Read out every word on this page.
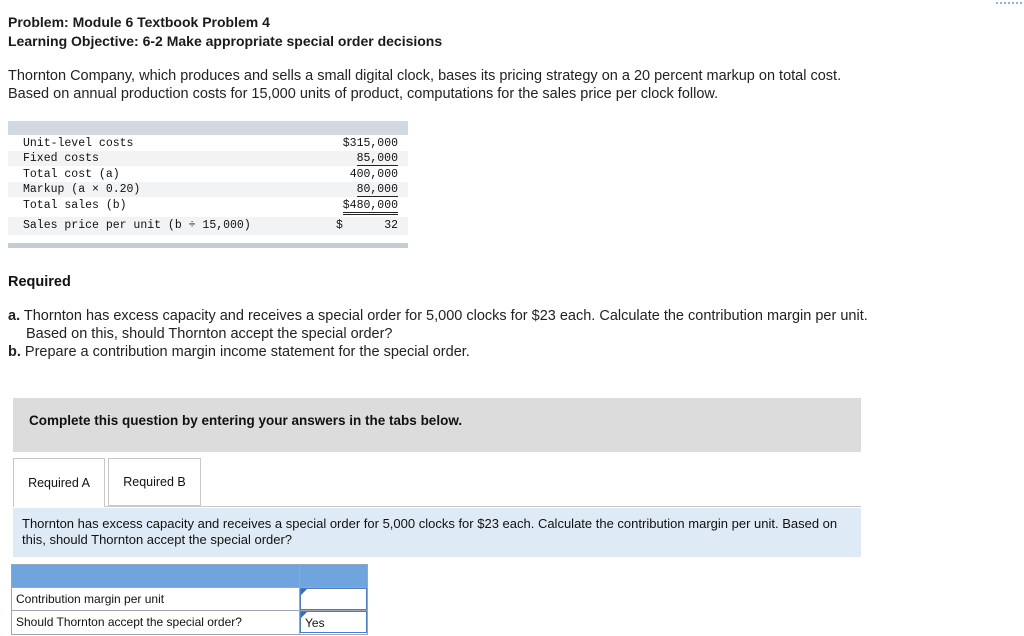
Problem: Module 6 Textbook Problem 4
Learning Objective: 6-2 Make appropriate special order decisions
Thornton Company, which produces and sells a small digital clock, bases its pricing strategy on a 20 percent markup on total cost.
Based on annual production costs for 15,000 units of product, computations for the sales price per clock follow.
Unit-level costs	$315,000
Fixed costs	85,000
Total cost (a)	400,000
Markup (a × 0.20)	80,000
Total sales (b)	$480,000
Sales price per unit (b ÷ 15,000)	$	32
Required
a. Thornton has excess capacity and receives a special order for 5,000 clocks for $23 each. Calculate the contribution margin per unit.
Based on this, should Thornton accept the special order?
b. Prepare a contribution margin income statement for the special order.
Complete this question by entering your answers in the tabs below.
Required A	Required B
Thornton has excess capacity and receives a special order for 5,000 clocks for $23 each. Calculate the contribution margin per unit. Based on this, should Thornton accept the special order?
Contribution margin per unit
Should Thornton accept the special order?	Yes
